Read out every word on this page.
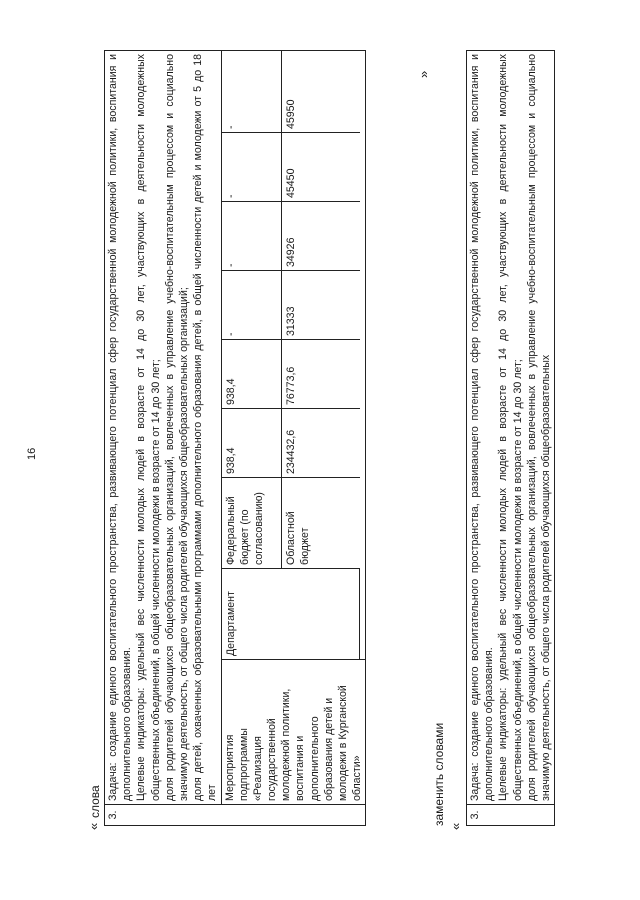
16
«
слова 3.	

Задача: создание единого воспитательного пространства, развивающего потенциал сфер государственной молодежной политики, воспитания и дополнительного образования. Целевые индикаторы: удельный вес численности молодых людей в возрасте от 14 до 30 лет, участвующих в деятельности молодежных общественных объединений, в общей численности молодежи в возрасте от 14 до 30 лет; доля родителей обучающихся общеобразовательных организаций, вовлеченных в управление учебно-воспитательным процессом и социально значимую деятельность, от общего числа родителей обучающихся общеобразовательных организаций; доля детей, охваченных образовательными программами дополнительного образования детей, в общей численности детей и молодежи от 5 до 18 лет

Мероприятия подпрограммы «Реализация государственной молодежной политики, воспитания и дополнительного образования детей и молодежи в Курганской области»	
Департамент	Федеральный бюджет (по согласованию)	938,4	938,4	-	-	-	-
Областной бюджет	234432,6	76773,6	31333	34926	45450	45950
»
заменить словами
«
3.	

Задача: создание единого воспитательного пространства, развивающего потенциал сфер государственной молодежной политики, воспитания и дополнительного образования. Целевые индикаторы: удельный вес численности молодых людей в возрасте от 14 до 30 лет, участвующих в деятельности молодежных общественных объединений, в общей численности молодежи в возрасте от 14 до 30 лет; доля родителей обучающихся общеобразовательных организаций, вовлеченных в управление учебно-воспитательным процессом и социально значимую деятельность, от общего числа родителей обучающихся общеобразовательных
